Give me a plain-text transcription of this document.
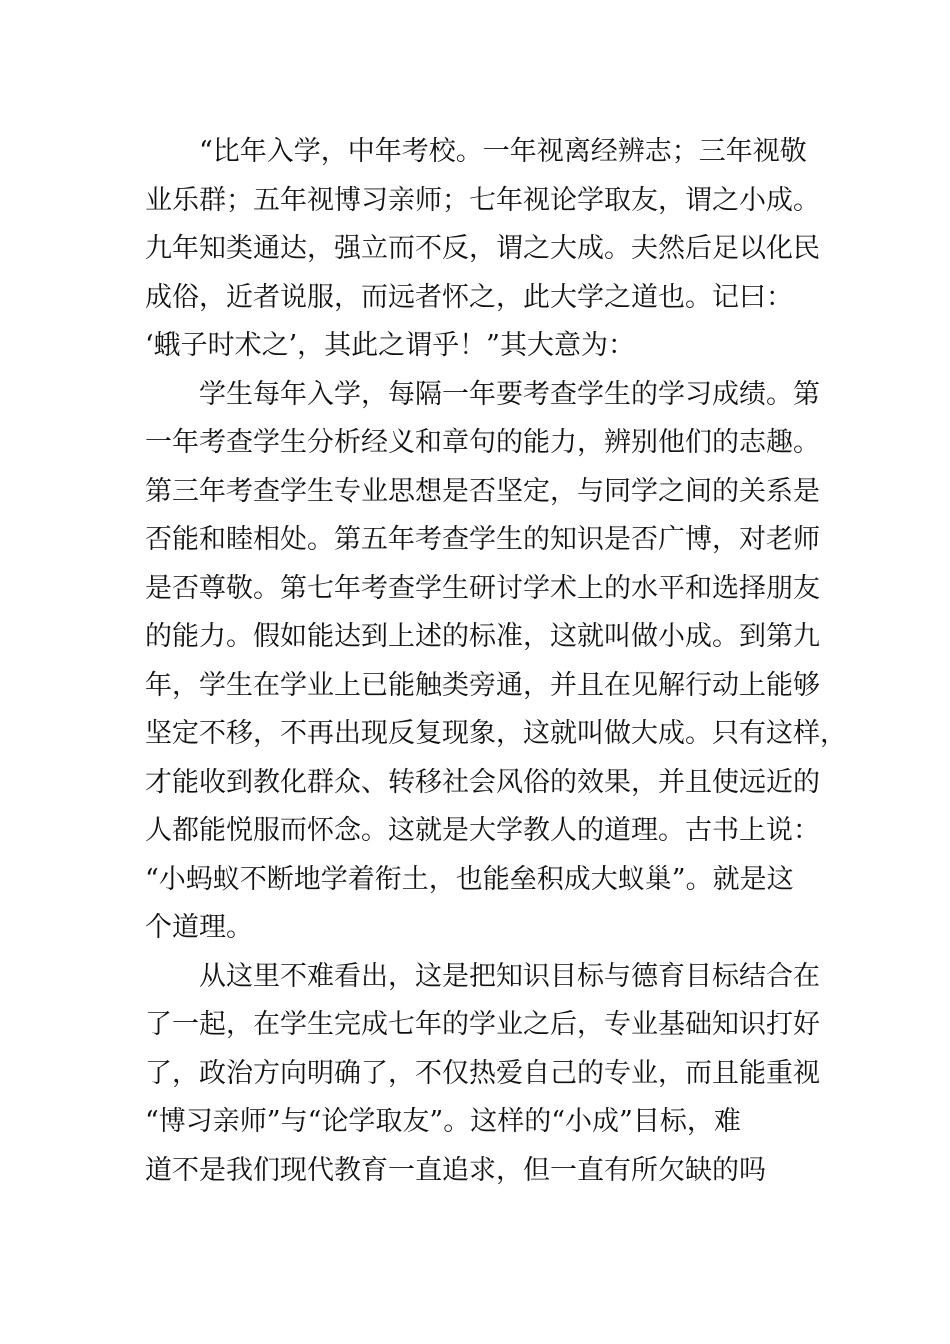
“比年入学，中年考校。一年视离经辨志；三年视敬
业乐群；五年视博习亲师；七年视论学取友，谓之小成。
九年知类通达，强立而不反，谓之大成。夫然后足以化民
成俗，近者说服，而远者怀之，此大学之道也。记曰：
‘蛾子时术之’，其此之谓乎！”其大意为：

学生每年入学，每隔一年要考查学生的学习成绩。第
一年考查学生分析经义和章句的能力，辨别他们的志趣。
第三年考查学生专业思想是否坚定，与同学之间的关系是
否能和睦相处。第五年考查学生的知识是否广博，对老师
是否尊敬。第七年考查学生研讨学术上的水平和选择朋友
的能力。假如能达到上述的标准，这就叫做小成。到第九
年，学生在学业上已能触类旁通，并且在见解行动上能够
坚定不移，不再出现反复现象，这就叫做大成。只有这样，
才能收到教化群众、转移社会风俗的效果，并且使远近的
人都能悦服而怀念。这就是大学教人的道理。古书上说：
“小蚂蚁不断地学着衔土，也能垒积成大蚁巢”。就是这
个道理。

从这里不难看出，这是把知识目标与德育目标结合在
了一起，在学生完成七年的学业之后，专业基础知识打好
了，政治方向明确了，不仅热爱自己的专业，而且能重视
“博习亲师”与“论学取友”。这样的“小成”目标，难
道不是我们现代教育一直追求，但一直有所欠缺的吗
